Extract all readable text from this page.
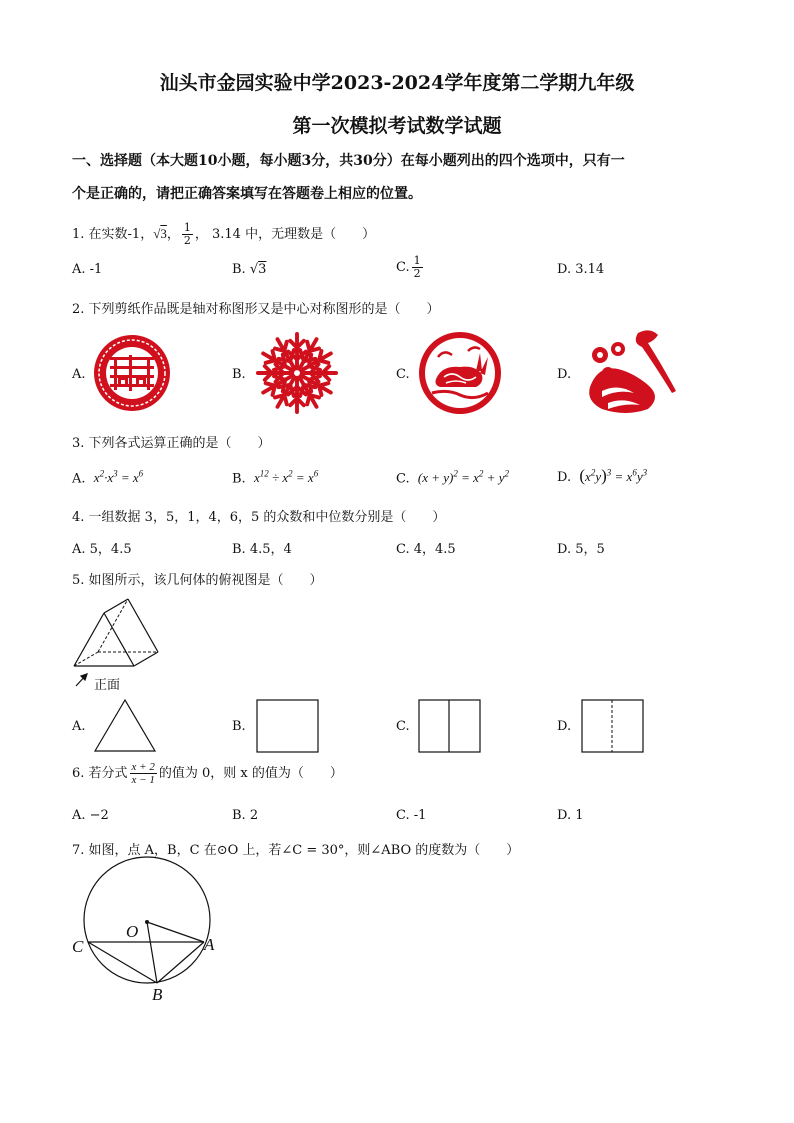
汕头市金园实验中学2023-2024学年度第二学期九年级
第一次模拟考试数学试题
一、选择题（本大题10小题，每小题3分，共30分）在每小题列出的四个选项中，只有一
个是正确的，请把正确答案填写在答题卷上相应的位置。
1. 在实数-1，√3， $\frac{1}{2}$ ， 3.14 中，无理数是（　　）
A. -1	B. √3	C. $\frac{1}{2}$	D. 3.14
2. 下列剪纸作品既是轴对称图形又是中心对称图形的是（　　）
A.	B.	C.	D.
3. 下列各式运算正确的是（　　）
A. $x^2\cdot x^3 = x^6$	B. $x^{12} \div x^2 = x^6$	C. $(x + y)^2 = x^2 + y^2$	D. $(x^2y)^3 = x^6y^3$
4. 一组数据 3，5，1，4，6，5 的众数和中位数分别是（　　）
A. 5，4.5	B. 4.5，4	C. 4，4.5	D. 5，5
5. 如图所示，该几何体的俯视图是（　　）
正面
A.	B.	C.	D.
6. 若分式 $\frac{x + 2}{x - 1}$ 的值为 0，则 x 的值为（　　）
A. −2	B. 2	C. -1	D. 1
7. 如图，点 A，B，C 在⊙O 上，若∠C = 30°，则∠ABO 的度数为（　　）
O
C	A
B
